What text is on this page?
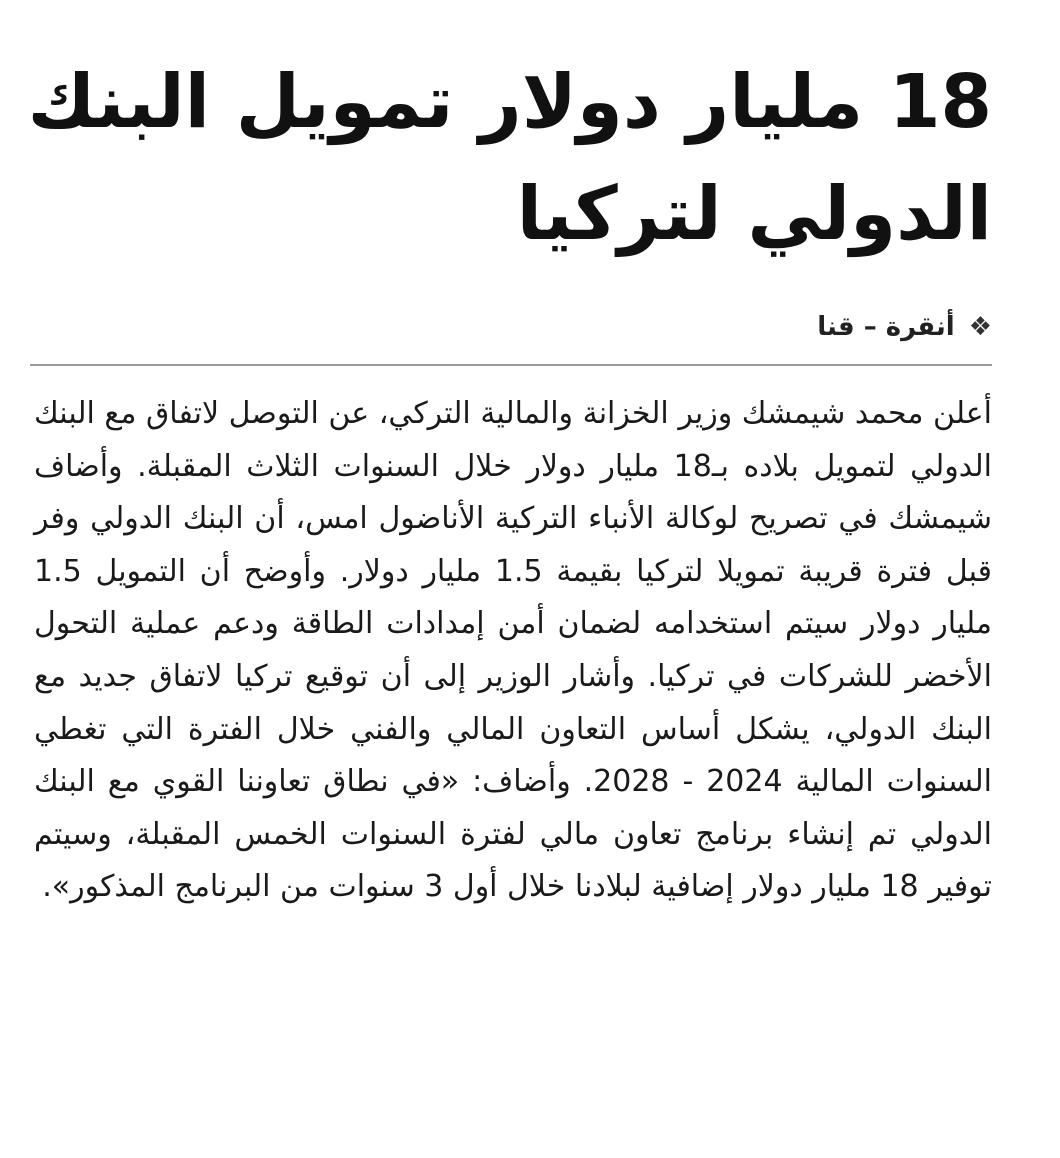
18 مليار دولار تمويل البنك
الدولي لتركيا
❖
أنقرة – قنا

أعلن محمد شيمشك وزير الخزانة والمالية التركي، عن التوصل لاتفاق مع البنك الدولي لتمويل بلاده بـ18 مليار دولار خلال السنوات الثلاث المقبلة. وأضاف شيمشك في تصريح لوكالة الأنباء التركية الأناضول امس، أن البنك الدولي وفر قبل فترة قريبة تمويلا لتركيا بقيمة 1.5 مليار دولار. وأوضح أن التمويل 1.5 مليار دولار سيتم استخدامه لضمان أمن إمدادات الطاقة ودعم عملية التحول الأخضر للشركات في تركيا. وأشار الوزير إلى أن توقيع تركيا لاتفاق جديد مع البنك الدولي، يشكل أساس التعاون المالي والفني خلال الفترة التي تغطي السنوات المالية 2024 - 2028. وأضاف: «في نطاق تعاوننا القوي مع البنك الدولي تم إنشاء برنامج تعاون مالي لفترة السنوات الخمس المقبلة، وسيتم توفير 18 مليار دولار إضافية لبلادنا خلال أول 3 سنوات من البرنامج المذكور».
